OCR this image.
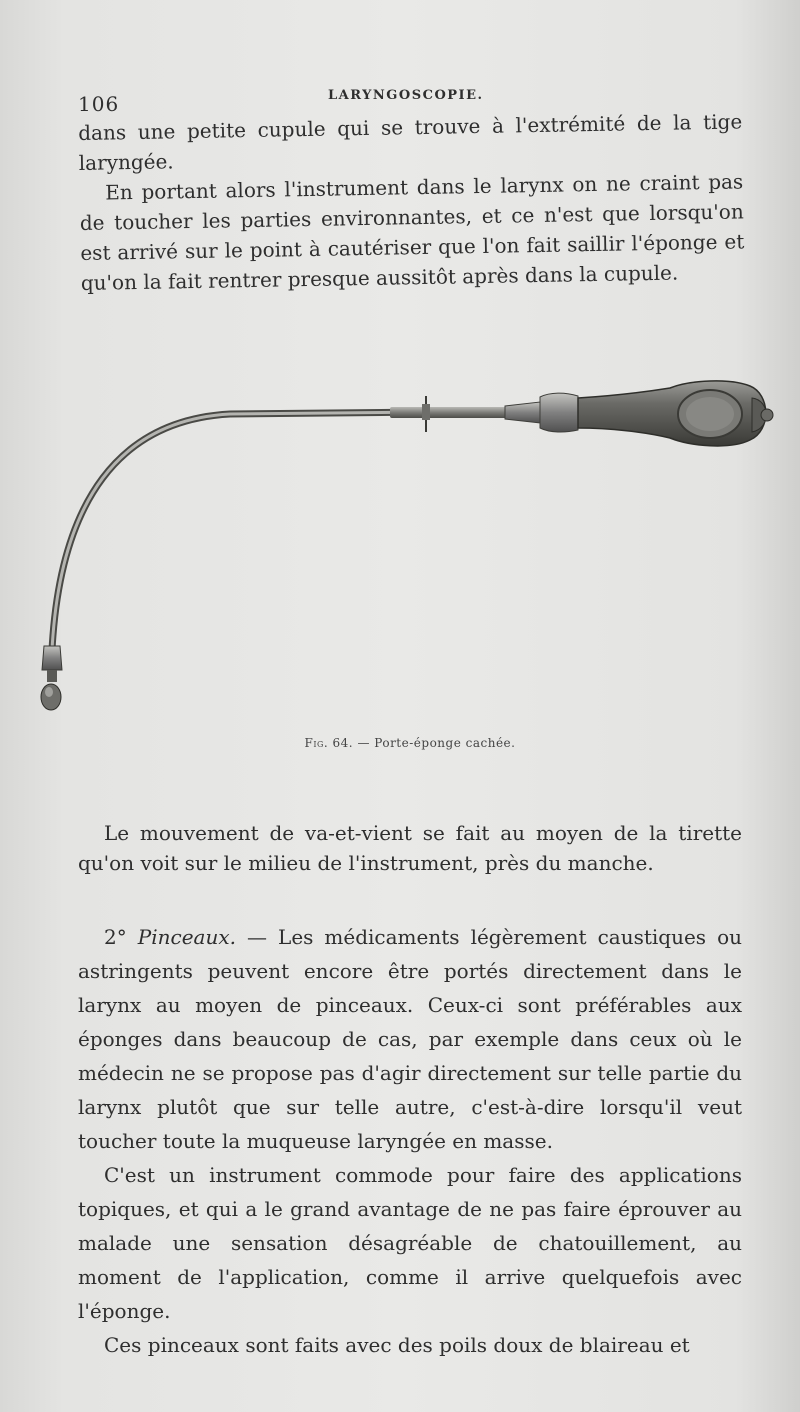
106	LARYNGOSCOPIE.

dans une petite cupule qui se trouve à l'extrémité de la tige laryngée.

En portant alors l'instrument dans le larynx on ne craint pas de toucher les parties environnantes, et ce n'est que lorsqu'on est arrivé sur le point à cautériser que l'on fait saillir l'éponge et qu'on la fait rentrer presque aussitôt après dans la cupule.

Fig. 64. — Porte-éponge cachée.

Le mouvement de va-et-vient se fait au moyen de la tirette qu'on voit sur le milieu de l'instrument, près du manche.

2° Pinceaux. — Les médicaments légèrement caustiques ou astringents peuvent encore être portés directement dans le larynx au moyen de pinceaux. Ceux-ci sont préférables aux éponges dans beaucoup de cas, par exemple dans ceux où le médecin ne se propose pas d'agir directement sur telle partie du larynx plutôt que sur telle autre, c'est-à-dire lorsqu'il veut toucher toute la muqueuse laryngée en masse.

C'est un instrument commode pour faire des applications topiques, et qui a le grand avantage de ne pas faire éprouver au malade une sensation désagréable de chatouillement, au moment de l'application, comme il arrive quelquefois avec l'éponge.

Ces pinceaux sont faits avec des poils doux de blaireau et
